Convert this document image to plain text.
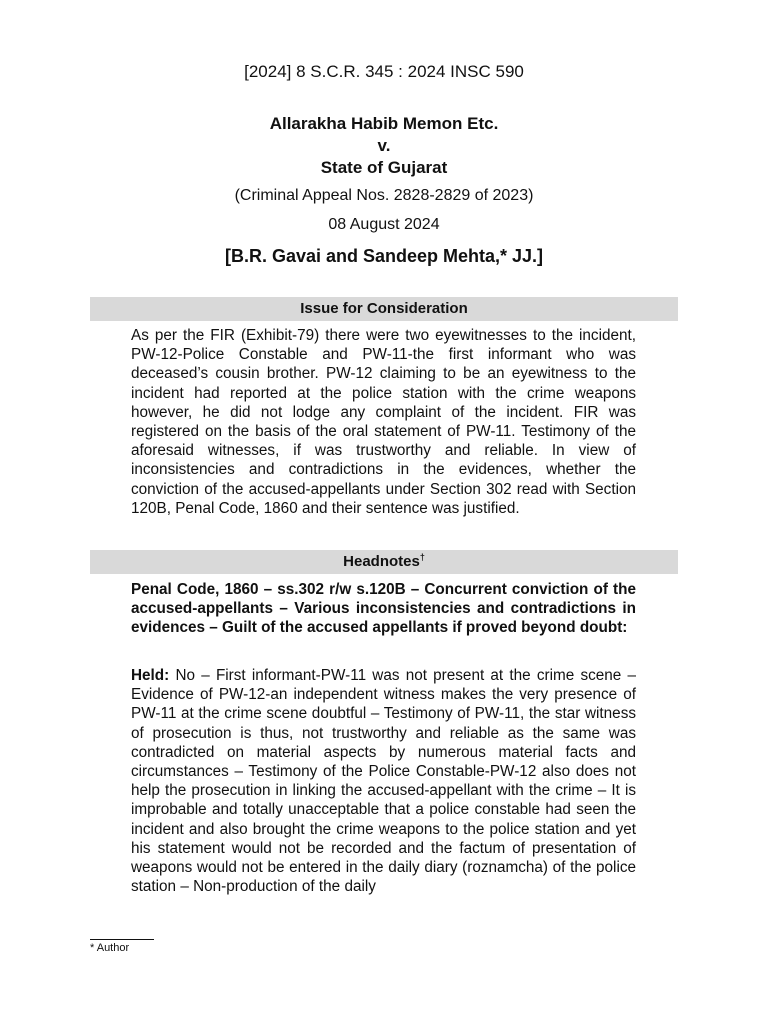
[2024] 8 S.C.R. 345 : 2024 INSC 590
Allarakha Habib Memon Etc.
v.
State of Gujarat
(Criminal Appeal Nos. 2828-2829 of 2023)
08 August 2024
[B.R. Gavai and Sandeep Mehta,* JJ.]
Issue for Consideration
As per the FIR (Exhibit-79) there were two eyewitnesses to the incident, PW-12-Police Constable and PW-11-the first informant who was deceased’s cousin brother. PW-12 claiming to be an eyewitness to the incident had reported at the police station with the crime weapons however, he did not lodge any complaint of the incident. FIR was registered on the basis of the oral statement of PW-11. Testimony of the aforesaid witnesses, if was trustworthy and reliable. In view of inconsistencies and contradictions in the evidences, whether the conviction of the accused-appellants under Section 302 read with Section 120B, Penal Code, 1860 and their sentence was justified.
Headnotes†
Penal Code, 1860 – ss.302 r/w s.120B – Concurrent conviction of the accused-appellants – Various inconsistencies and contradictions in evidences – Guilt of the accused appellants if proved beyond doubt:
Held: No – First informant-PW-11 was not present at the crime scene – Evidence of PW-12-an independent witness makes the very presence of PW-11 at the crime scene doubtful – Testimony of PW-11, the star witness of prosecution is thus, not trustworthy and reliable as the same was contradicted on material aspects by numerous material facts and circumstances – Testimony of the Police Constable-PW-12 also does not help the prosecution in linking the accused-appellant with the crime – It is improbable and totally unacceptable that a police constable had seen the incident and also brought the crime weapons to the police station and yet his statement would not be recorded and the factum of presentation of weapons would not be entered in the daily diary (roznamcha) of the police station – Non-production of the daily
* Author
